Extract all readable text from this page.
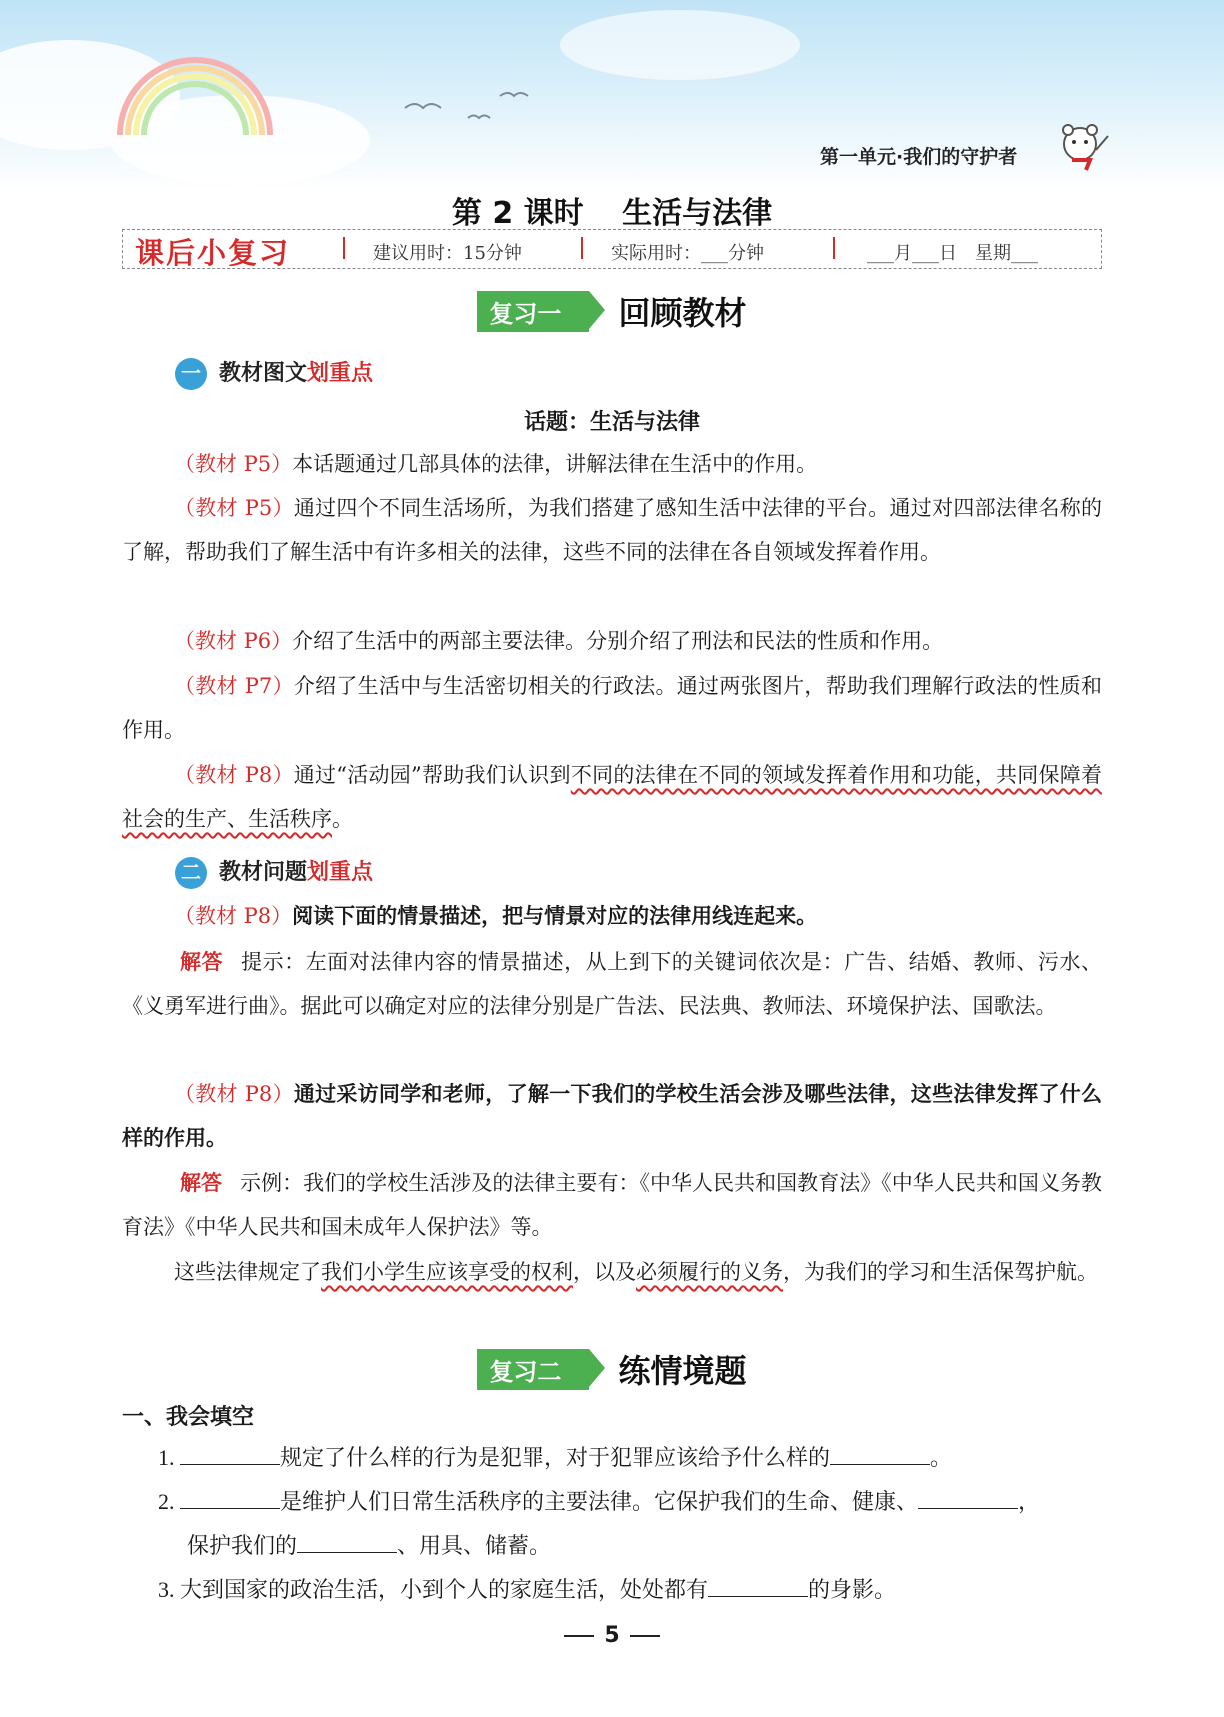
第一单元·我们的守护者
第 2 课时 生活与法律
课后小复习	建议用时：15分钟	实际用时：___分钟	___月___日　星期___
复习一 回顾教材
一 教材图文划重点
话题：生活与法律
（教材 P5）本话题通过几部具体的法律，讲解法律在生活中的作用。
（教材 P5）通过四个不同生活场所，为我们搭建了感知生活中法律的平台。通过对四部法律名称的了解，帮助我们了解生活中有许多相关的法律，这些不同的法律在各自领域发挥着作用。
（教材 P6）介绍了生活中的两部主要法律。分别介绍了刑法和民法的性质和作用。
（教材 P7）介绍了生活中与生活密切相关的行政法。通过两张图片，帮助我们理解行政法的性质和作用。
（教材 P8）通过“活动园”帮助我们认识到不同的法律在不同的领域发挥着作用和功能，共同保障着社会的生产、生活秩序。
二 教材问题划重点
（教材 P8）阅读下面的情景描述，把与情景对应的法律用线连起来。
解答 提示：左面对法律内容的情景描述，从上到下的关键词依次是：广告、结婚、教师、污水、《义勇军进行曲》。据此可以确定对应的法律分别是广告法、民法典、教师法、环境保护法、国歌法。
（教材 P8）通过采访同学和老师，了解一下我们的学校生活会涉及哪些法律，这些法律发挥了什么样的作用。
解答 示例：我们的学校生活涉及的法律主要有：《中华人民共和国教育法》《中华人民共和国义务教育法》《中华人民共和国未成年人保护法》等。
这些法律规定了我们小学生应该享受的权利，以及必须履行的义务，为我们的学习和生活保驾护航。
复习二 练情境题
一、我会填空
1.	规定了什么样的行为是犯罪，对于犯罪应该给予什么样的	。
2.	是维护人们日常生活秩序的主要法律。它保护我们的生命、健康、	，
保护我们的	、用具、储蓄。
3. 大到国家的政治生活，小到个人的家庭生活，处处都有	的身影。
5
